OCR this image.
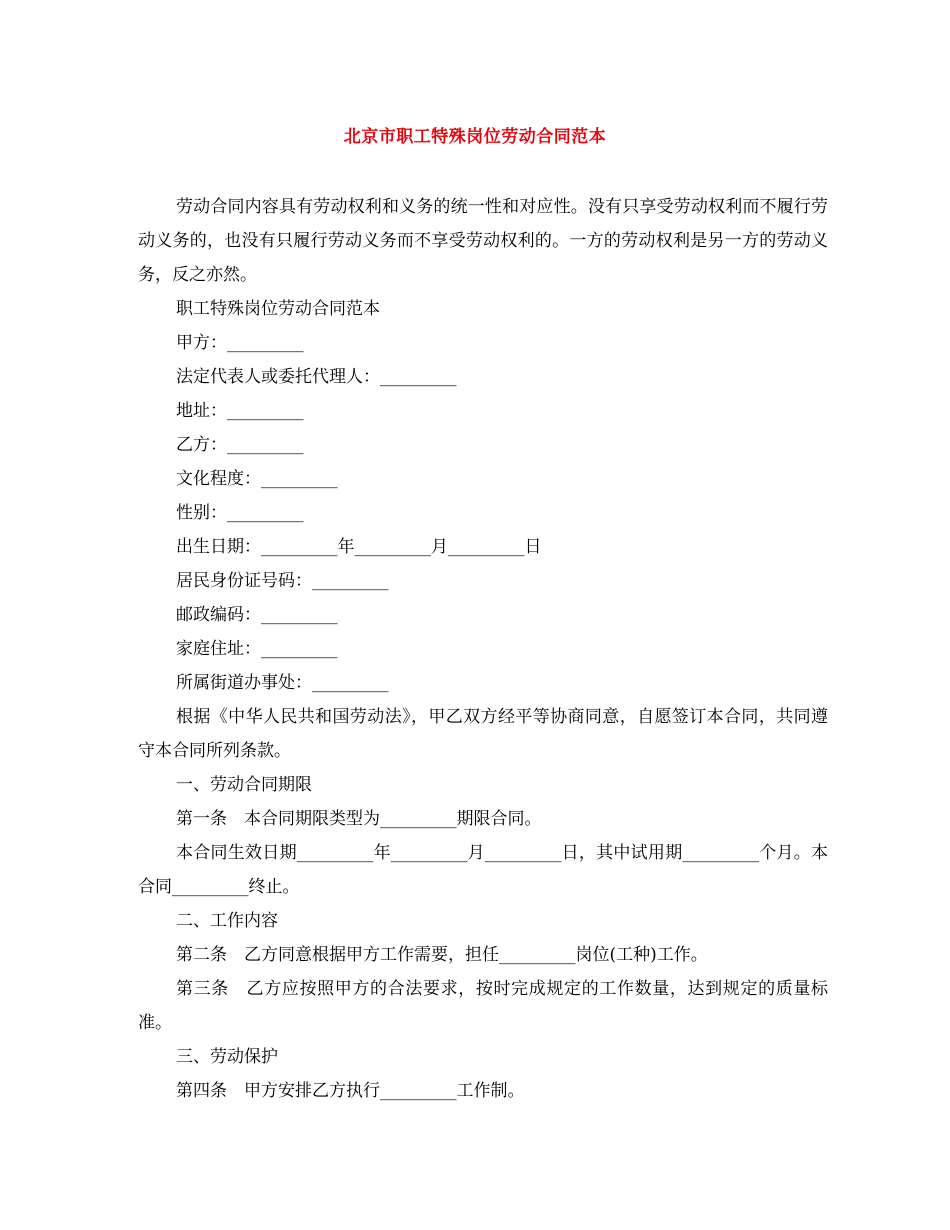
北京市职工特殊岗位劳动合同范本

劳动合同内容具有劳动权利和义务的统一性和对应性。没有只享受劳动权利而不履行劳动义务的，也没有只履行劳动义务而不享受劳动权利的。一方的劳动权利是另一方的劳动义务，反之亦然。

职工特殊岗位劳动合同范本

甲方：_________

法定代表人或委托代理人：_________

地址：_________

乙方：_________

文化程度：_________

性别：_________

出生日期：_________年_________月_________日

居民身份证号码：_________

邮政编码：_________

家庭住址：_________

所属街道办事处：_________

根据《中华人民共和国劳动法》，甲乙双方经平等协商同意，自愿签订本合同，共同遵守本合同所列条款。

一、劳动合同期限

第一条　本合同期限类型为_________期限合同。

本合同生效日期_________年_________月_________日，其中试用期_________个月。本合同_________终止。

二、工作内容

第二条　乙方同意根据甲方工作需要，担任_________岗位(工种)工作。

第三条　乙方应按照甲方的合法要求，按时完成规定的工作数量，达到规定的质量标准。

三、劳动保护

第四条　甲方安排乙方执行_________工作制。
